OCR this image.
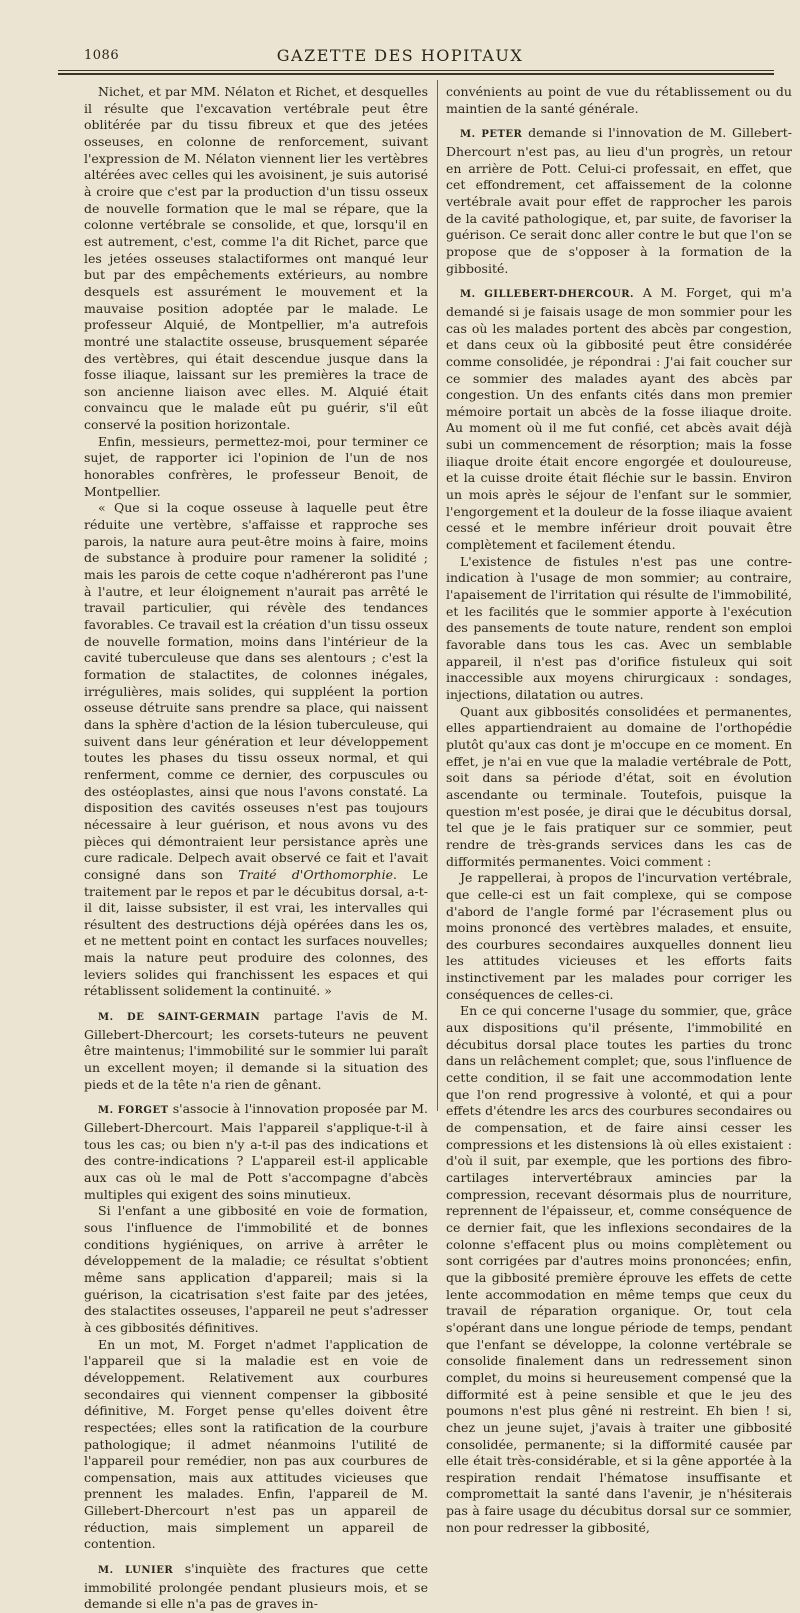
1086	GAZETTE DES HOPITAUX

Nichet, et par MM. Nélaton et Richet, et desquelles il résulte que l'excavation vertébrale peut être oblitérée par du tissu fibreux et que des jetées osseuses, en colonne de renforcement, suivant l'expression de M. Nélaton viennent lier les vertèbres altérées avec celles qui les avoisinent, je suis autorisé à croire que c'est par la production d'un tissu osseux de nouvelle formation que le mal se répare, que la colonne vertébrale se consolide, et que, lorsqu'il en est autrement, c'est, comme l'a dit Richet, parce que les jetées osseuses stalactiformes ont manqué leur but par des empêchements extérieurs, au nombre desquels est assurément le mouvement et la mauvaise position adoptée par le malade. Le professeur Alquié, de Montpellier, m'a autrefois montré une stalactite osseuse, brusquement séparée des vertèbres, qui était descendue jusque dans la fosse iliaque, laissant sur les premières la trace de son ancienne liaison avec elles. M. Alquié était convaincu que le malade eût pu guérir, s'il eût conservé la position horizontale.

Enfin, messieurs, permettez-moi, pour terminer ce sujet, de rapporter ici l'opinion de l'un de nos honorables confrères, le professeur Benoit, de Montpellier.

« Que si la coque osseuse à laquelle peut être réduite une vertèbre, s'affaisse et rapproche ses parois, la nature aura peut-être moins à faire, moins de substance à produire pour ramener la solidité ; mais les parois de cette coque n'adhéreront pas l'une à l'autre, et leur éloignement n'aurait pas arrêté le travail particulier, qui révèle des tendances favorables. Ce travail est la création d'un tissu osseux de nouvelle formation, moins dans l'intérieur de la cavité tuberculeuse que dans ses alentours ; c'est la formation de stalactites, de colonnes inégales, irrégulières, mais solides, qui suppléent la portion osseuse détruite sans prendre sa place, qui naissent dans la sphère d'action de la lésion tuberculeuse, qui suivent dans leur génération et leur développement toutes les phases du tissu osseux normal, et qui renferment, comme ce dernier, des corpuscules ou des ostéoplastes, ainsi que nous l'avons constaté. La disposition des cavités osseuses n'est pas toujours nécessaire à leur guérison, et nous avons vu des pièces qui démontraient leur persistance après une cure radicale. Delpech avait observé ce fait et l'avait consigné dans son Traité d'Orthomorphie. Le traitement par le repos et par le décubitus dorsal, a-t-il dit, laisse subsister, il est vrai, les intervalles qui résultent des destructions déjà opérées dans les os, et ne mettent point en contact les surfaces nouvelles; mais la nature peut produire des colonnes, des leviers solides qui franchissent les espaces et qui rétablissent solidement la continuité. »

M. DE SAINT-GERMAIN partage l'avis de M. Gillebert-Dhercourt; les corsets-tuteurs ne peuvent être maintenus; l'immobilité sur le sommier lui paraît un excellent moyen; il demande si la situation des pieds et de la tête n'a rien de gênant.

M. FORGET s'associe à l'innovation proposée par M. Gillebert-Dhercourt. Mais l'appareil s'applique-t-il à tous les cas; ou bien n'y a-t-il pas des indications et des contre-indications ? L'appareil est-il applicable aux cas où le mal de Pott s'accompagne d'abcès multiples qui exigent des soins minutieux.

Si l'enfant a une gibbosité en voie de formation, sous l'influence de l'immobilité et de bonnes conditions hygiéniques, on arrive à arrêter le développement de la maladie; ce résultat s'obtient même sans application d'appareil; mais si la guérison, la cicatrisation s'est faite par des jetées, des stalactites osseuses, l'appareil ne peut s'adresser à ces gibbosités définitives.

En un mot, M. Forget n'admet l'application de l'appareil que si la maladie est en voie de développement. Relativement aux courbures secondaires qui viennent compenser la gibbosité définitive, M. Forget pense qu'elles doivent être respectées; elles sont la ratification de la courbure pathologique; il admet néanmoins l'utilité de l'appareil pour remédier, non pas aux courbures de compensation, mais aux attitudes vicieuses que prennent les malades. Enfin, l'appareil de M. Gillebert-Dhercourt n'est pas un appareil de réduction, mais simplement un appareil de contention.

M. LUNIER s'inquiète des fractures que cette immobilité prolongée pendant plusieurs mois, et se demande si elle n'a pas de graves in-

convénients au point de vue du rétablissement ou du maintien de la santé générale.

M. PETER demande si l'innovation de M. Gillebert-Dhercourt n'est pas, au lieu d'un progrès, un retour en arrière de Pott. Celui-ci professait, en effet, que cet effondrement, cet affaissement de la colonne vertébrale avait pour effet de rapprocher les parois de la cavité pathologique, et, par suite, de favoriser la guérison. Ce serait donc aller contre le but que l'on se propose que de s'opposer à la formation de la gibbosité.

M. GILLEBERT-DHERCOUR. A M. Forget, qui m'a demandé si je faisais usage de mon sommier pour les cas où les malades portent des abcès par congestion, et dans ceux où la gibbosité peut être considérée comme consolidée, je répondrai : J'ai fait coucher sur ce sommier des malades ayant des abcès par congestion. Un des enfants cités dans mon premier mémoire portait un abcès de la fosse iliaque droite. Au moment où il me fut confié, cet abcès avait déjà subi un commencement de résorption; mais la fosse iliaque droite était encore engorgée et douloureuse, et la cuisse droite était fléchie sur le bassin. Environ un mois après le séjour de l'enfant sur le sommier, l'engorgement et la douleur de la fosse iliaque avaient cessé et le membre inférieur droit pouvait être complètement et facilement étendu.

L'existence de fistules n'est pas une contre-indication à l'usage de mon sommier; au contraire, l'apaisement de l'irritation qui résulte de l'immobilité, et les facilités que le sommier apporte à l'exécution des pansements de toute nature, rendent son emploi favorable dans tous les cas. Avec un semblable appareil, il n'est pas d'orifice fistuleux qui soit inaccessible aux moyens chirurgicaux : sondages, injections, dilatation ou autres.

Quant aux gibbosités consolidées et permanentes, elles appartiendraient au domaine de l'orthopédie plutôt qu'aux cas dont je m'occupe en ce moment. En effet, je n'ai en vue que la maladie vertébrale de Pott, soit dans sa période d'état, soit en évolution ascendante ou terminale. Toutefois, puisque la question m'est posée, je dirai que le décubitus dorsal, tel que je le fais pratiquer sur ce sommier, peut rendre de très-grands services dans les cas de difformités permanentes. Voici comment :

Je rappellerai, à propos de l'incurvation vertébrale, que celle-ci est un fait complexe, qui se compose d'abord de l'angle formé par l'écrasement plus ou moins prononcé des vertèbres malades, et ensuite, des courbures secondaires auxquelles donnent lieu les attitudes vicieuses et les efforts faits instinctivement par les malades pour corriger les conséquences de celles-ci.

En ce qui concerne l'usage du sommier, que, grâce aux dispositions qu'il présente, l'immobilité en décubitus dorsal place toutes les parties du tronc dans un relâchement complet; que, sous l'influence de cette condition, il se fait une accommodation lente que l'on rend progressive à volonté, et qui a pour effets d'étendre les arcs des courbures secondaires ou de compensation, et de faire ainsi cesser les compressions et les distensions là où elles existaient : d'où il suit, par exemple, que les portions des fibro-cartilages intervertébraux amincies par la compression, recevant désormais plus de nourriture, reprennent de l'épaisseur, et, comme conséquence de ce dernier fait, que les inflexions secondaires de la colonne s'effacent plus ou moins complètement ou sont corrigées par d'autres moins prononcées; enfin, que la gibbosité première éprouve les effets de cette lente accommodation en même temps que ceux du travail de réparation organique. Or, tout cela s'opérant dans une longue période de temps, pendant que l'enfant se développe, la colonne vertébrale se consolide finalement dans un redressement sinon complet, du moins si heureusement compensé que la difformité est à peine sensible et que le jeu des poumons n'est plus gêné ni restreint. Eh bien ! si, chez un jeune sujet, j'avais à traiter une gibbosité consolidée, permanente; si la difformité causée par elle était très-considérable, et si la gêne apportée à la respiration rendait l'hématose insuffisante et compromettait la santé dans l'avenir, je n'hésiterais pas à faire usage du décubitus dorsal sur ce sommier, non pour redresser la gibbosité,
